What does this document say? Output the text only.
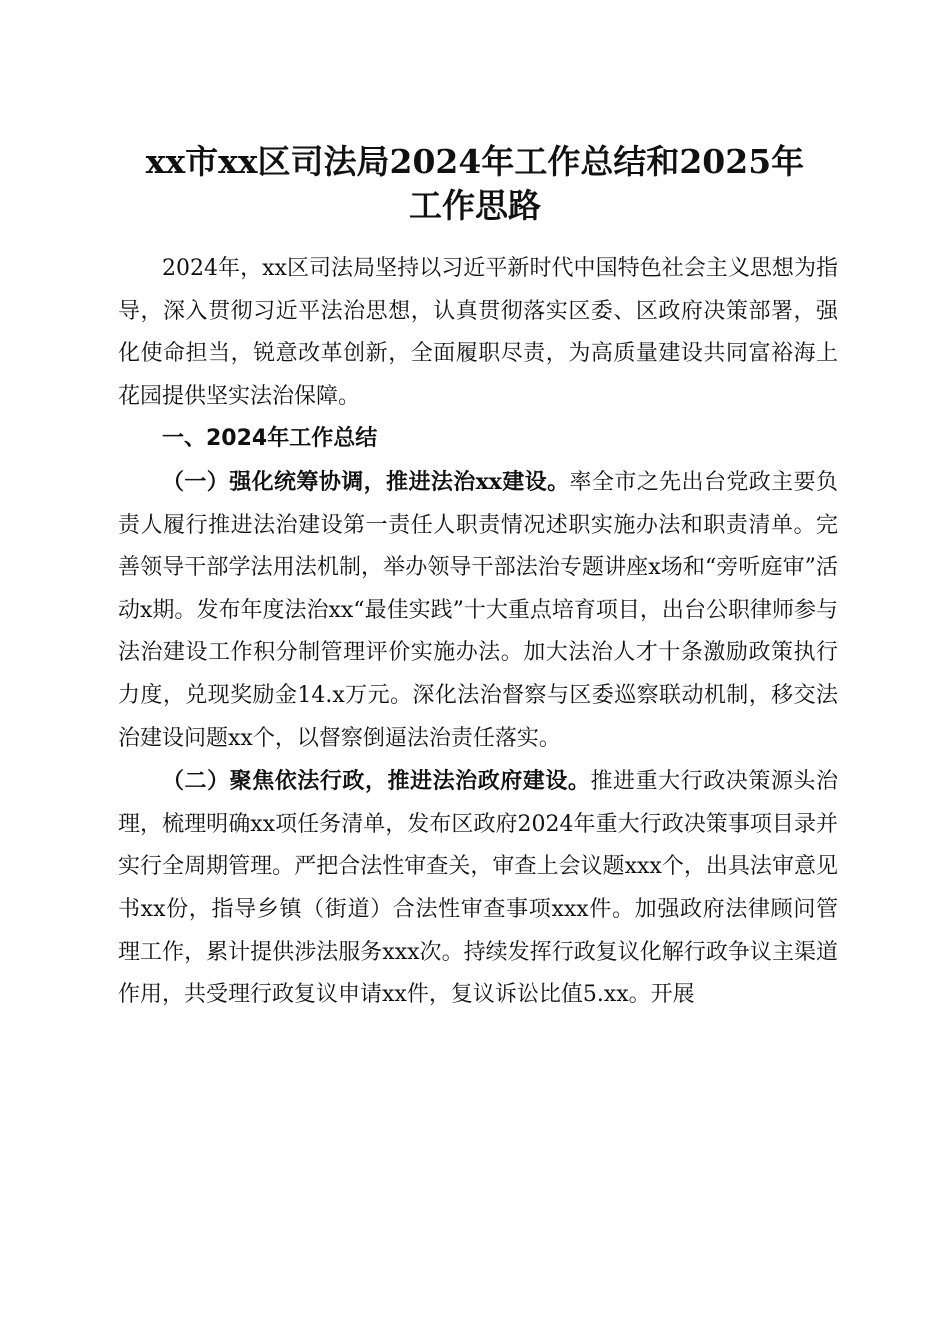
xx市xx区司法局2024年工作总结和2025年
工作思路

2024年，xx区司法局坚持以习近平新时代中国特色社会主义思想为指导，深入贯彻习近平法治思想，认真贯彻落实区委、区政府决策部署，强化使命担当，锐意改革创新，全面履职尽责，为高质量建设共同富裕海上花园提供坚实法治保障。

一、2024年工作总结

（一）强化统筹协调，推进法治xx建设。率全市之先出台党政主要负责人履行推进法治建设第一责任人职责情况述职实施办法和职责清单。完善领导干部学法用法机制，举办领导干部法治专题讲座x场和“旁听庭审”活动x期。发布年度法治xx“最佳实践”十大重点培育项目，出台公职律师参与法治建设工作积分制管理评价实施办法。加大法治人才十条激励政策执行力度，兑现奖励金14.x万元。深化法治督察与区委巡察联动机制，移交法治建设问题xx个，以督察倒逼法治责任落实。

（二）聚焦依法行政，推进法治政府建设。推进重大行政决策源头治理，梳理明确xx项任务清单，发布区政府2024年重大行政决策事项目录并实行全周期管理。严把合法性审查关，审查上会议题xxx个，出具法审意见书xx份，指导乡镇（街道）合法性审查事项xxx件。加强政府法律顾问管理工作，累计提供涉法服务xxx次。持续发挥行政复议化解行政争议主渠道作用，共受理行政复议申请xx件，复议诉讼比值5.xx。开展
